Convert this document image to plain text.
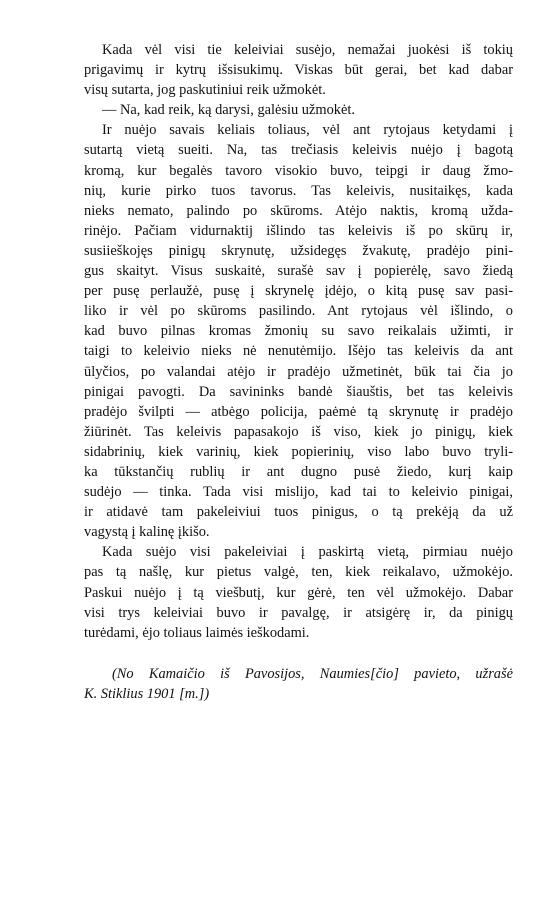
Kada vėl visi tie keleiviai susėjo, nemažai juokėsi iš tokių
prigavimų ir kytrų išsisukimų. Viskas būt gerai, bet kad dabar
visų sutarta, jog paskutiniui reik užmokėt.
— Na, kad reik, ką darysi, galėsiu užmokėt.
Ir nuėjo savais keliais toliaus, vėl ant rytojaus ketydami į
sutartą vietą sueiti. Na, tas trečiasis keleivis nuėjo į bagotą
kromą, kur begalės tavoro visokio buvo, teipgi ir daug žmo-
nių, kurie pirko tuos tavorus. Tas keleivis, nusitaikęs, kada
nieks nemato, palindo po skūroms. Atėjo naktis, kromą užda-
rinėjo. Pačiam vidurnaktij išlindo tas keleivis iš po skūrų ir,
susiieškojęs pinigų skrynutę, užsidegęs žvakutę, pradėjo pini-
gus skaityt. Visus suskaitė, surašė sav į popierėlę, savo žiedą
per pusę perlaužė, pusę į skrynelę įdėjo, o kitą pusę sav pasi-
liko ir vėl po skūroms pasilindo. Ant rytojaus vėl išlindo, o
kad buvo pilnas kromas žmonių su savo reikalais užimti, ir
taigi to keleivio nieks nė nenutėmijo. Išėjo tas keleivis da ant
ūlyčios, po valandai atėjo ir pradėjo užmetinėt, būk tai čia jo
pinigai pavogti. Da savininks bandė šiauštis, bet tas keleivis
pradėjo švilpti — atbėgo policija, paėmė tą skrynutę ir pradėjo
žiūrinėt. Tas keleivis papasakojo iš viso, kiek jo pinigų, kiek
sidabrinių, kiek varinių, kiek popierinių, viso labo buvo tryli-
ka tūkstančių rublių ir ant dugno pusė žiedo, kurį kaip
sudėjo — tinka. Tada visi mislijo, kad tai to keleivio pinigai,
ir atidavė tam pakeleiviui tuos pinigus, o tą prekėją da už
vagystą į kalinę įkišo.
Kada suėjo visi pakeleiviai į paskirtą vietą, pirmiau nuėjo
pas tą našlę, kur pietus valgė, ten, kiek reikalavo, užmokėjo.
Paskui nuėjo į tą viešbutį, kur gėrė, ten vėl užmokėjo. Dabar
visi trys keleiviai buvo ir pavalgę, ir atsigėrę ir, da pinigų
turėdami, ėjo toliaus laimės ieškodami.
(No Kamaičio iš Pavosijos, Naumies[čio] pavieto, užrašė
K. Stiklius 1901 [m.])
